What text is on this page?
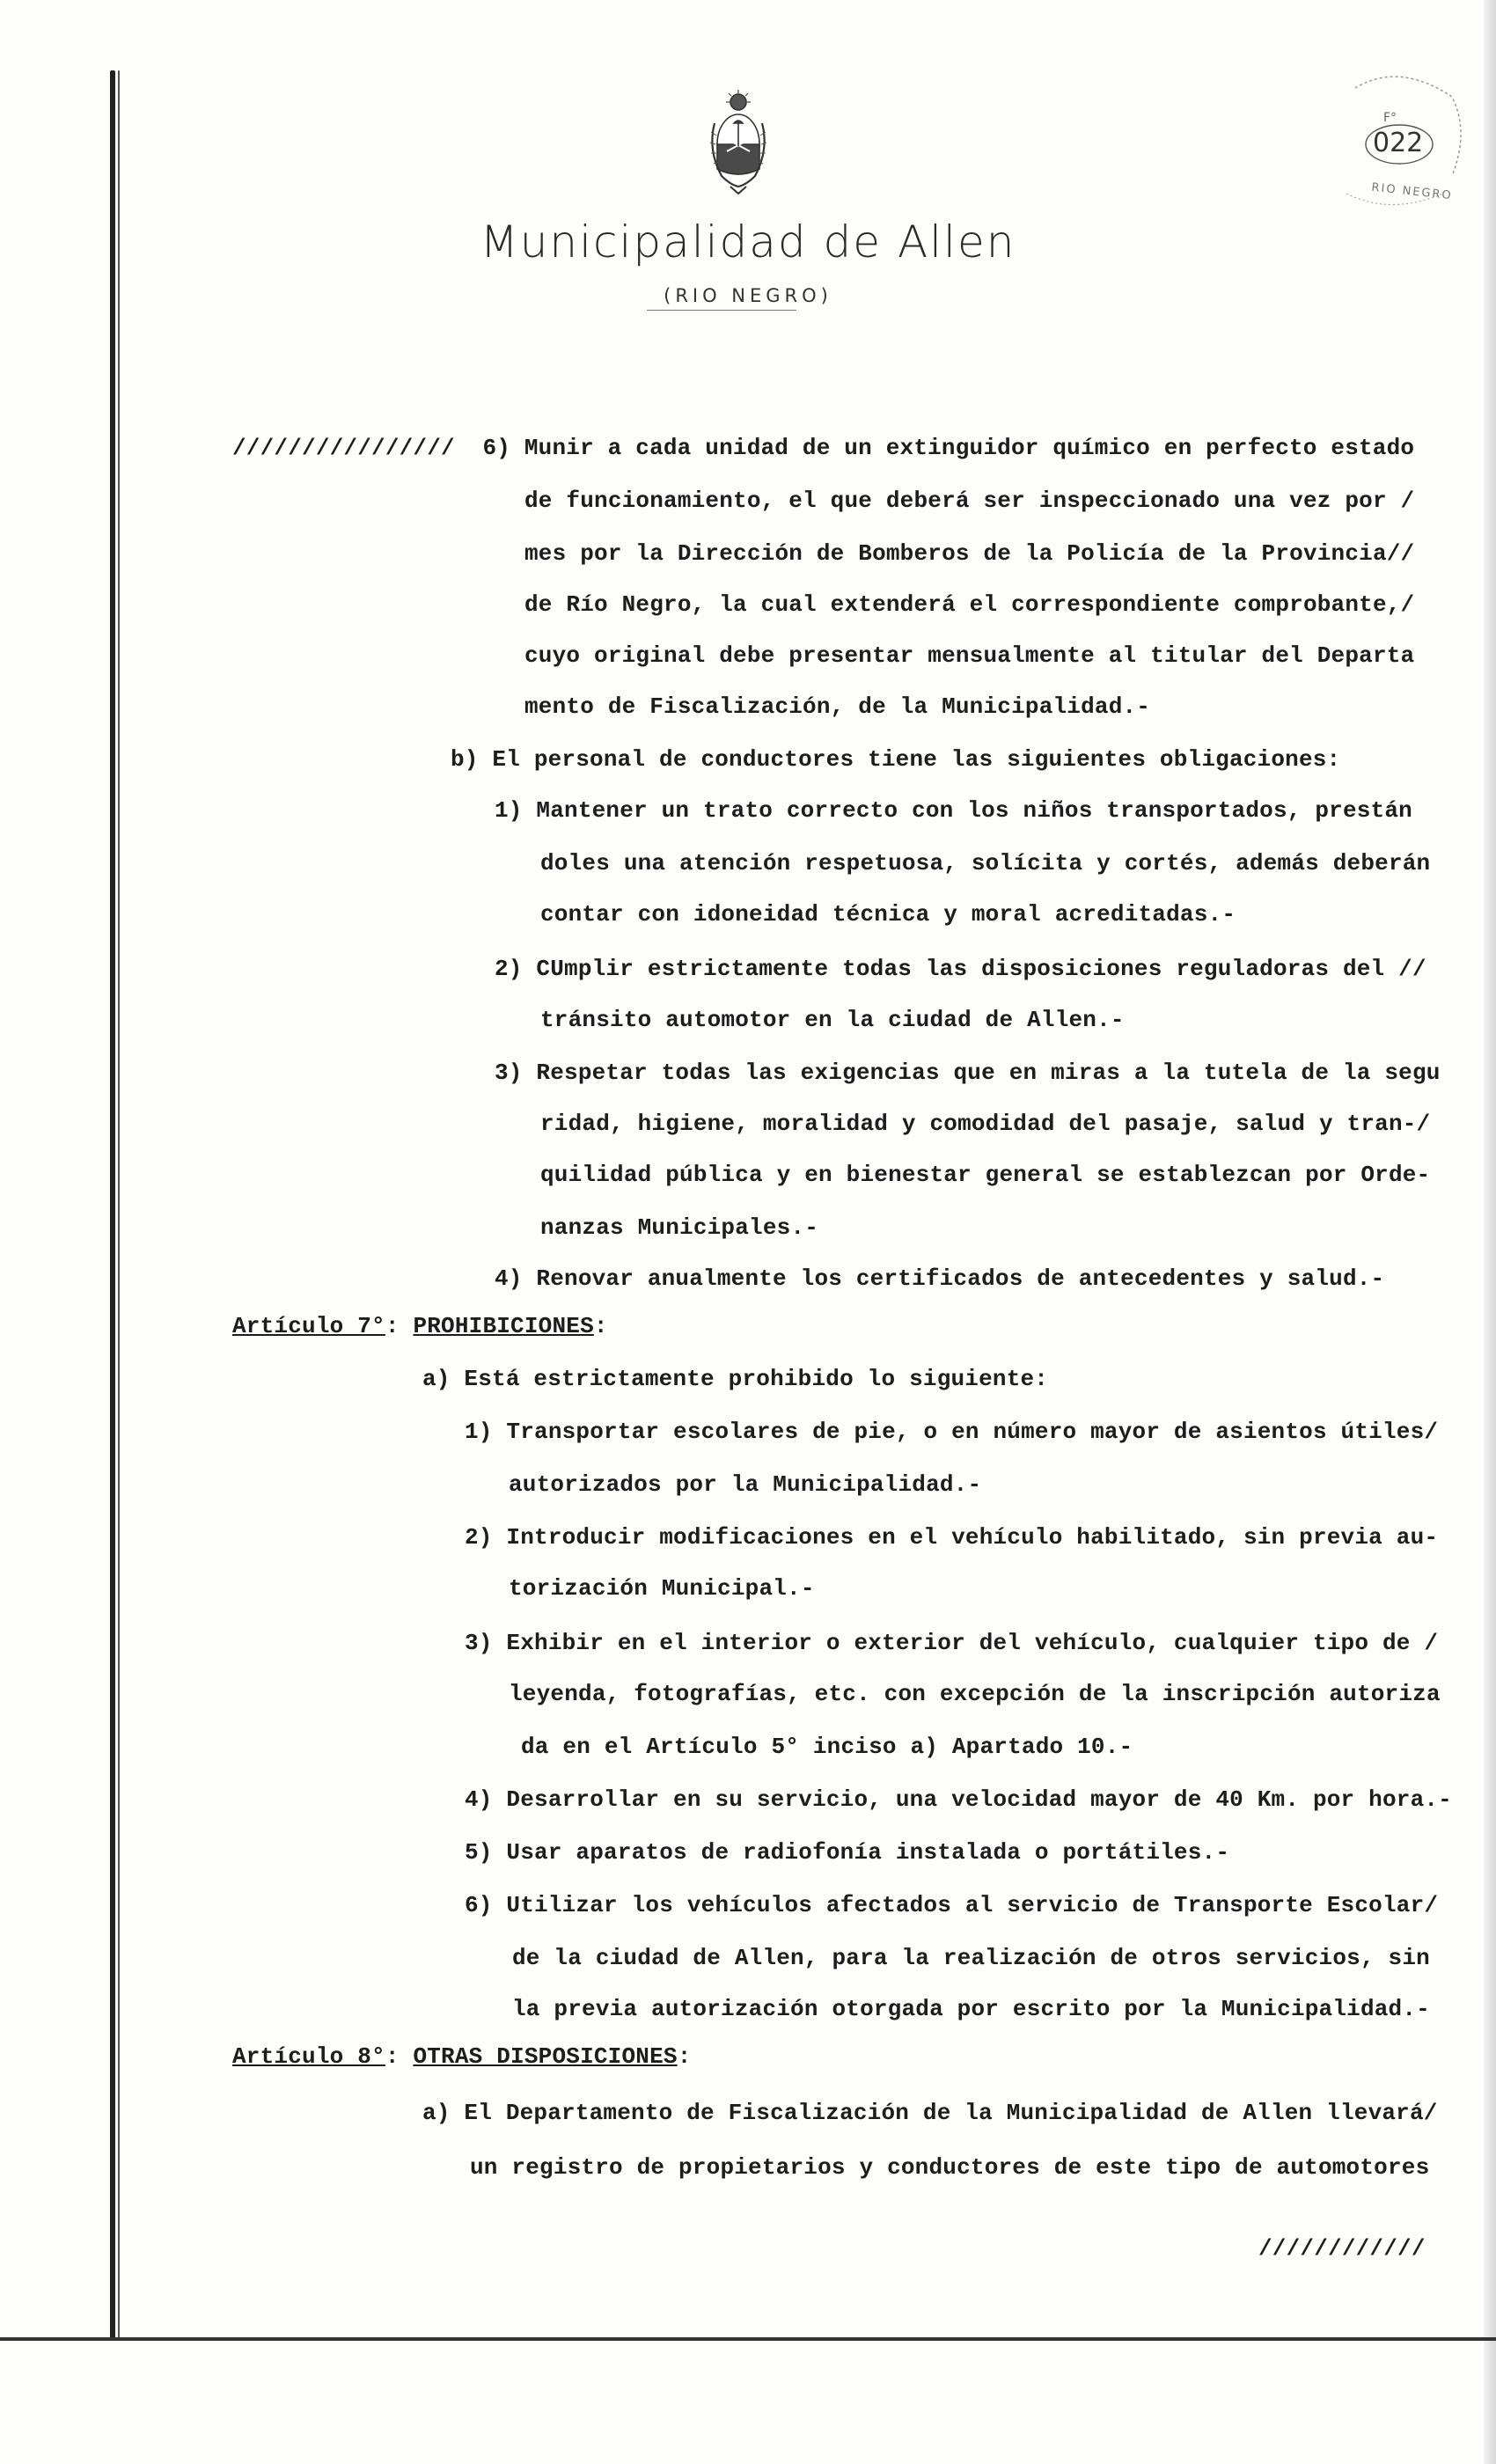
Municipalidad de Allen
(RIO NEGRO)
F°
022
RIO NEGRO
////////////////  6) Munir a cada unidad de un extinguidor químico en perfecto estado
de funcionamiento, el que deberá ser inspeccionado una vez por /
mes por la Dirección de Bomberos de la Policía de la Provincia//
de Río Negro, la cual extenderá el correspondiente comprobante,/
cuyo original debe presentar mensualmente al titular del Departa
mento de Fiscalización, de la Municipalidad.-
b) El personal de conductores tiene las siguientes obligaciones:
1) Mantener un trato correcto con los niños transportados, prestán
doles una atención respetuosa, solícita y cortés, además deberán
contar con idoneidad técnica y moral acreditadas.-
2) CUmplir estrictamente todas las disposiciones reguladoras del //
tránsito automotor en la ciudad de Allen.-
3) Respetar todas las exigencias que en miras a la tutela de la segu
ridad, higiene, moralidad y comodidad del pasaje, salud y tran-/
quilidad pública y en bienestar general se establezcan por Orde-
nanzas Municipales.-
4) Renovar anualmente los certificados de antecedentes y salud.-
Artículo 7°: PROHIBICIONES:
a) Está estrictamente prohibido lo siguiente:
1) Transportar escolares de pie, o en número mayor de asientos útiles/
autorizados por la Municipalidad.-
2) Introducir modificaciones en el vehículo habilitado, sin previa au-
torización Municipal.-
3) Exhibir en el interior o exterior del vehículo, cualquier tipo de /
leyenda, fotografías, etc. con excepción de la inscripción autoriza
da en el Artículo 5° inciso a) Apartado 10.-
4) Desarrollar en su servicio, una velocidad mayor de 40 Km. por hora.-
5) Usar aparatos de radiofonía instalada o portátiles.-
6) Utilizar los vehículos afectados al servicio de Transporte Escolar/
de la ciudad de Allen, para la realización de otros servicios, sin
la previa autorización otorgada por escrito por la Municipalidad.-
Artículo 8°: OTRAS DISPOSICIONES:
a) El Departamento de Fiscalización de la Municipalidad de Allen llevará/
un registro de propietarios y conductores de este tipo de automotores
////////////
